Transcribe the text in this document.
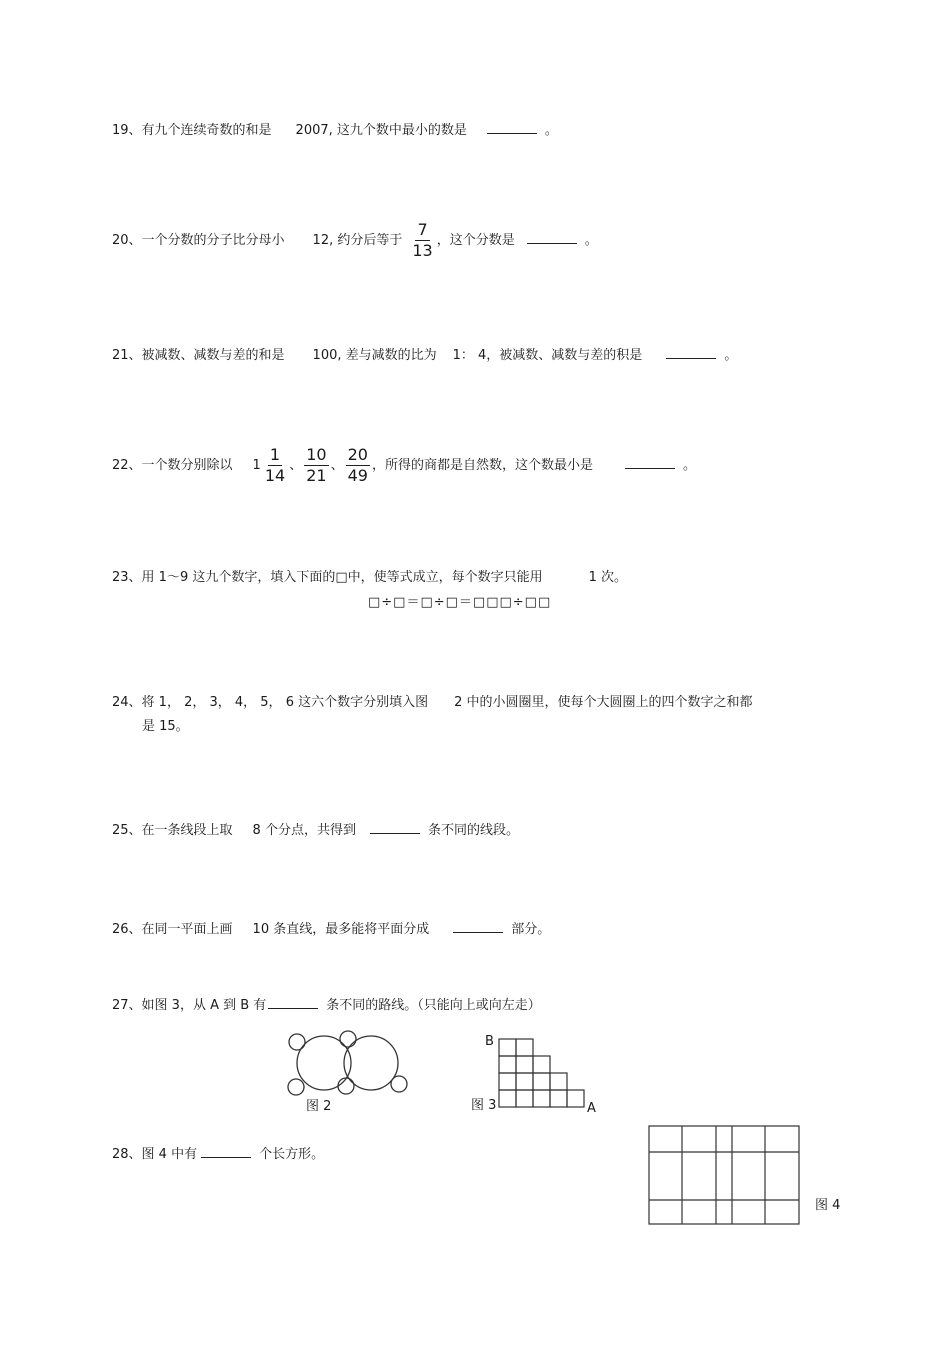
19、有九个连续奇数的和是 2007, 这九个数中最小的数是	。
20、一个分数的分子比分母小 12, 约分后等于 $\frac{7}{13}$ ，这个分数是	。
21、被减数、减数与差的和是 100, 差与减数的比为 1： 4，被减数、减数与差的积是	。
22、一个数分别除以 $1 \frac{1}{14}$ 、 $\frac{10}{21}$ 、 $\frac{20}{49}$ ，所得的商都是自然数，这个数最小是	。
23、用 1～9 这九个数字，填入下面的□中，使等式成立，每个数字只能用	1 次。
□÷□＝□÷□＝□□□÷□□
24、将 1， 2， 3， 4， 5， 6 这六个数字分别填入图 2 中的小圆圈里，使每个大圆圈上的四个数字之和都
是 15。
25、在一条线段上取 8 个分点，共得到	条不同的线段。
26、在同一平面上画 10 条直线，最多能将平面分成	部分。
27、如图 3，从 A 到 B 有	条不同的路线。（只能向上或向左走）
图 2
B
A
图 3
28、图 4 中有	个长方形。
图 4
